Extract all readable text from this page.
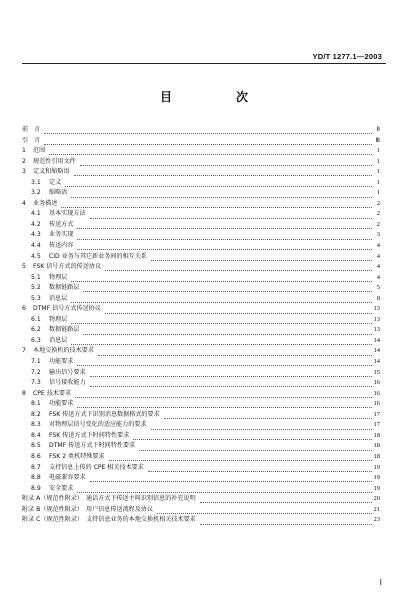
YD/T 1277.1—2003
目　次
前　言	Ⅱ
引　言	Ⅲ
1	范围	1
2	规范性引用文件	1
3	定义和缩略语	1
3.1	定义	1
3.2	缩略语	1
4	业务描述	2
4.1	基本实现方法	2
4.2	传送方式	2
4.3	业务实现	3
4.4	传送内容	4
4.5	CID 业务与其它新业务间的相互关系	4
5	FSK 信号方式的传送协议	4
5.1	物理层	4
5.2	数据链路层	5
5.3	消息层	8
6	DTMF 信号方式传送协议	13
6.1	物理层	13
6.2	数据链路层	13
6.3	消息层	14
7	本地交换机的技术要求	14
7.1	功能要求	14
7.2	输出信号要求	15
7.3	信号接收能力	16
8	CPE 技术要求	16
8.1	功能要求	16
8.2	FSK 传送方式下识别消息数据格式的要求	17
8.3	对物理层信号变化的适应能力的要求	17
8.4	FSK 传送方式下时间特性要求	18
8.5	DTMF 传送方式下时间特性要求	18
8.6	FSK 2 类机特殊要求	18
8.7	支持信息上传的 CPE 相关技术要求	19
8.8	电磁兼容要求	19
8.9	安全要求	19
附录 A（规范性附录）　通话方式下传送主叫识别信息的补充说明	20
附录 B（规范性附录）　用户信息传送流程及协议	21
附录 C（规范性附录）　支持信息业务的本地交换机相关技术要求	23
Ⅰ
